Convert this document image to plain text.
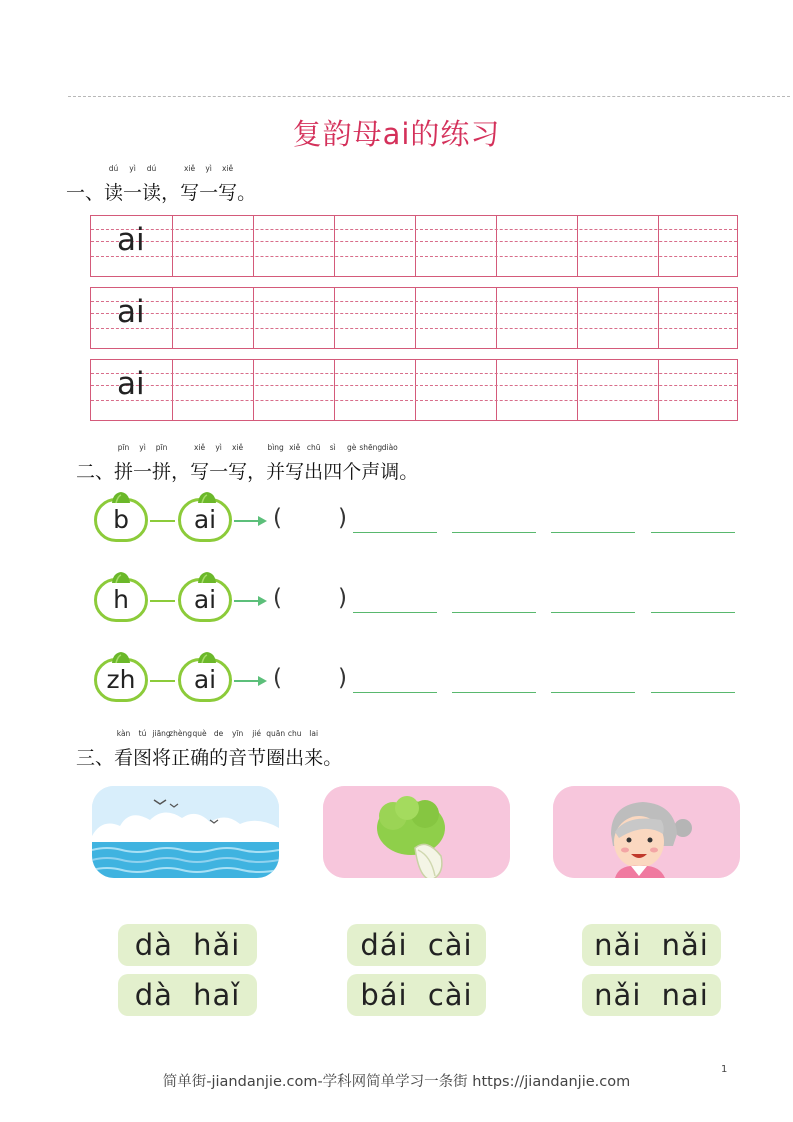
复韵母ai的练习
一、读
dú
一
yì
读
dú
，写
xiě
一
yì
写
xiě
。
ai
ai
ai
二、拼
pīn
一
yì
拼
pīn
，写
xiě
一
yì
写
xiě
，并
bìng
写
xiě
出
chū
四
sì
个
gè
声
shēng
调
diào
。
b	ai	( )
h	ai	( )
zh	ai	( )
三、看
kàn
图
tú
将
jiāng
正
zhèng
确
què
的
de
音
yīn
节
jié
圈
quān
出
chu
来
lai
。
dà hǎi
dà haǐ
dái cài
bái cài
nǎi nǎi
nǎi nai
简单街-jiandanjie.com-学科网简单学习一条街 https://jiandanjie.com
1
